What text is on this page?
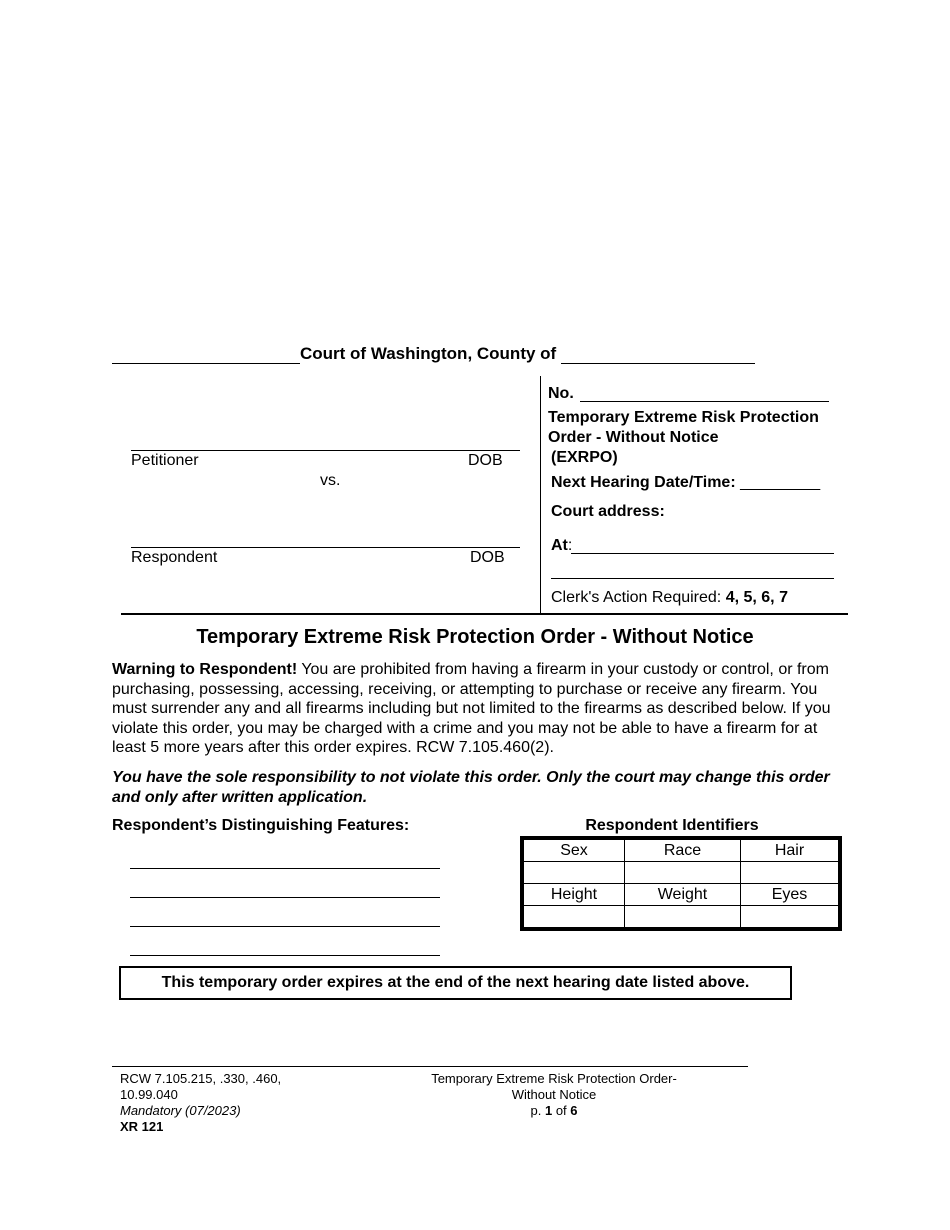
Court of Washington, County of
Petitioner	DOB
vs.
Respondent	DOB
No.
Temporary Extreme Risk Protection
Order - Without Notice
(EXRPO)
Next Hearing Date/Time: _________
Court address:
At:
Clerk's Action Required: 4, 5, 6, 7
Temporary Extreme Risk Protection Order - Without Notice
Warning to Respondent! You are prohibited from having a firearm in your custody or control, or from purchasing, possessing, accessing, receiving, or attempting to purchase or receive any firearm. You must surrender any and all firearms including but not limited to the firearms as described below. If you violate this order, you may be charged with a crime and you may not be able to have a firearm for at least 5 more years after this order expires. RCW 7.105.460(2).
You have the sole responsibility to not violate this order. Only the court may change this order and only after written application.
Respondent’s Distinguishing Features:	Respondent Identifiers
Sex	Race	Hair

Height	Weight	Eyes

This temporary order expires at the end of the next hearing date listed above.
RCW 7.105.215, .330, .460,
10.99.040
Mandatory (07/2023)
XR 121
Temporary Extreme Risk Protection Order-
Without Notice
p. 1 of 6
